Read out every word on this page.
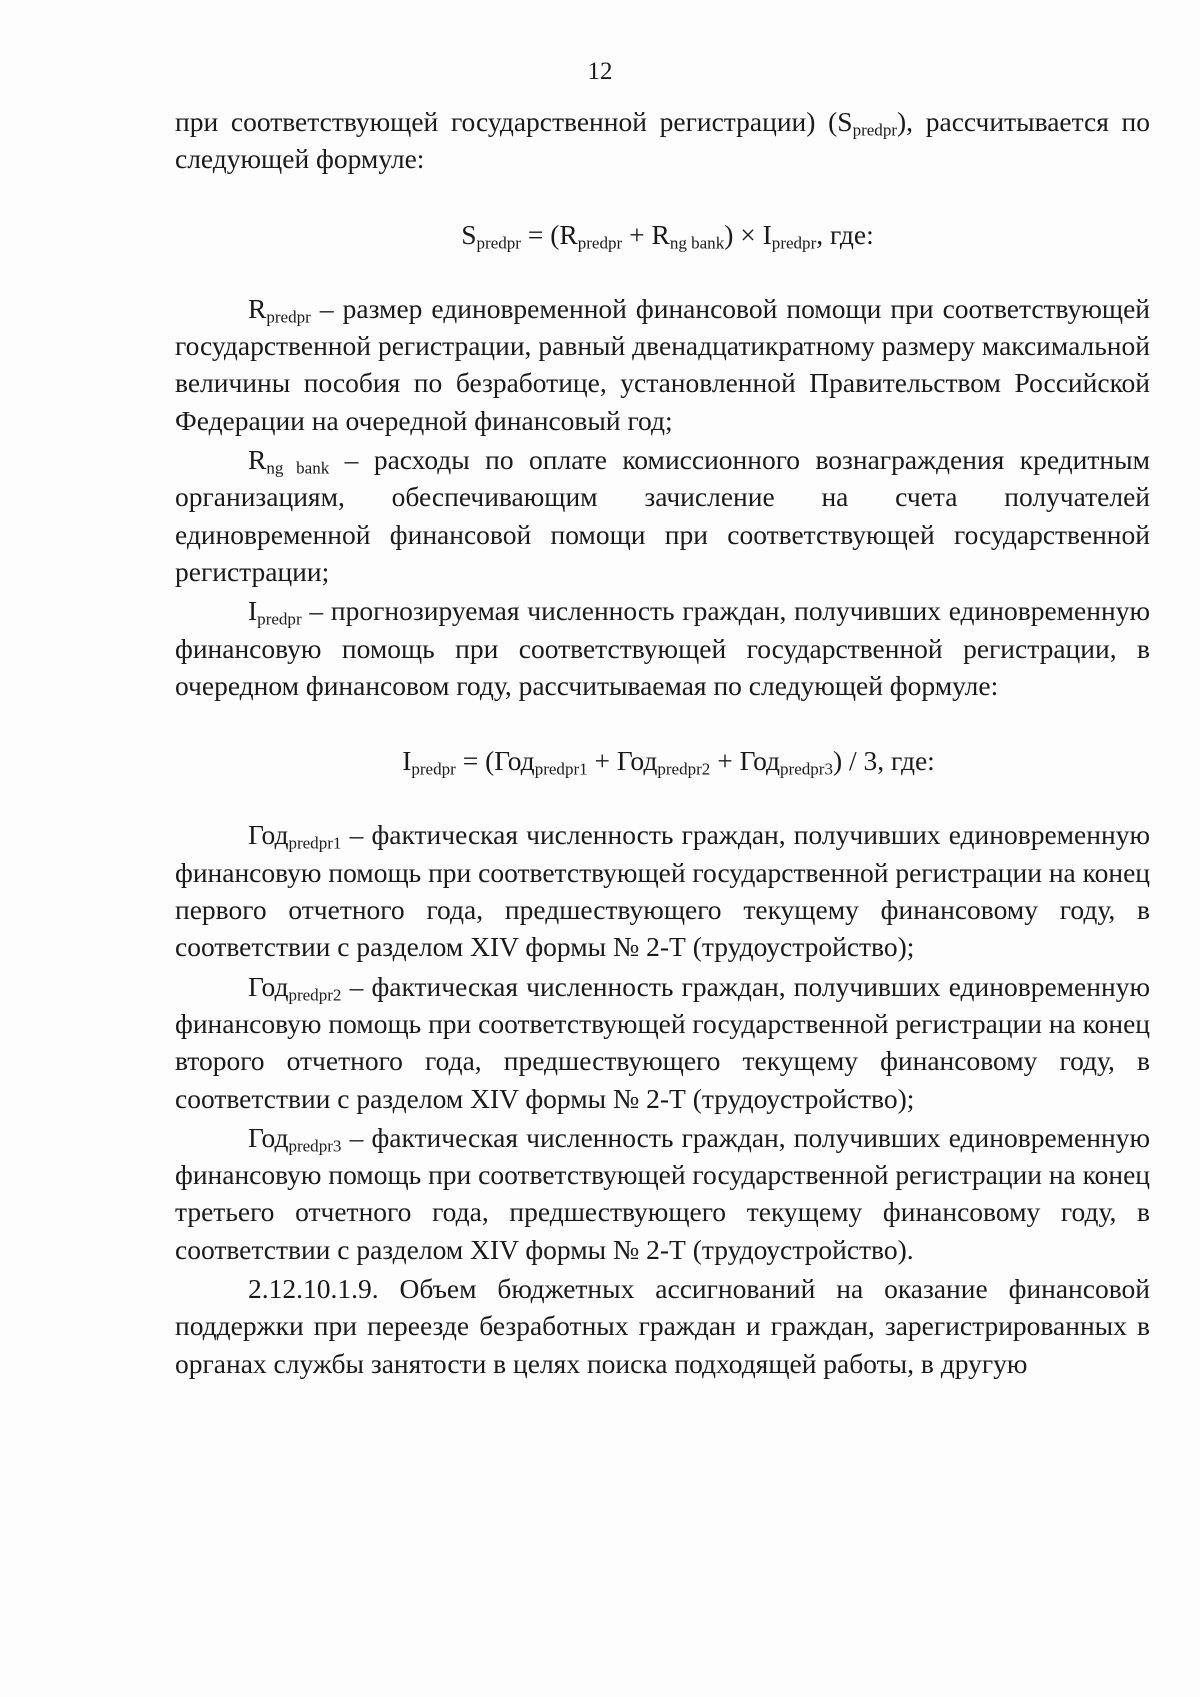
12

при соответствующей государственной регистрации) $(S_{predpr})$, рассчитывается по следующей формуле:

$S_{predpr} = (R_{predpr} + R_{ng bank}) \times I_{predpr}$, где:

$R_{predpr}$ – размер единовременной финансовой помощи при соответствующей государственной регистрации, равный двенадцатикратному размеру максимальной величины пособия по безработице, установленной Правительством Российской Федерации на очередной финансовый год;

$R_{ng bank}$ – расходы по оплате комиссионного вознаграждения кредитным организациям, обеспечивающим зачисление на счета получателей единовременной финансовой помощи при соответствующей государственной регистрации;

$I_{predpr}$ – прогнозируемая численность граждан, получивших единовременную финансовую помощь при соответствующей государственной регистрации, в очередном финансовом году, рассчитываемая по следующей формуле:

$I_{predpr} = (Год_{predpr1} + Год_{predpr2} + Год_{predpr3}) / 3$, где:

Год$_{predpr1}$ – фактическая численность граждан, получивших единовременную финансовую помощь при соответствующей государственной регистрации на конец первого отчетного года, предшествующего текущему финансовому году, в соответствии с разделом XIV формы № 2-Т (трудоустройство);

Год$_{predpr2}$ – фактическая численность граждан, получивших единовременную финансовую помощь при соответствующей государственной регистрации на конец второго отчетного года, предшествующего текущему финансовому году, в соответствии с разделом XIV формы № 2-Т (трудоустройство);

Год$_{predpr3}$ – фактическая численность граждан, получивших единовременную финансовую помощь при соответствующей государственной регистрации на конец третьего отчетного года, предшествующего текущему финансовому году, в соответствии с разделом XIV формы № 2-Т (трудоустройство).

2.12.10.1.9. Объем бюджетных ассигнований на оказание финансовой поддержки при переезде безработных граждан и граждан, зарегистрированных в органах службы занятости в целях поиска подходящей работы, в другую
